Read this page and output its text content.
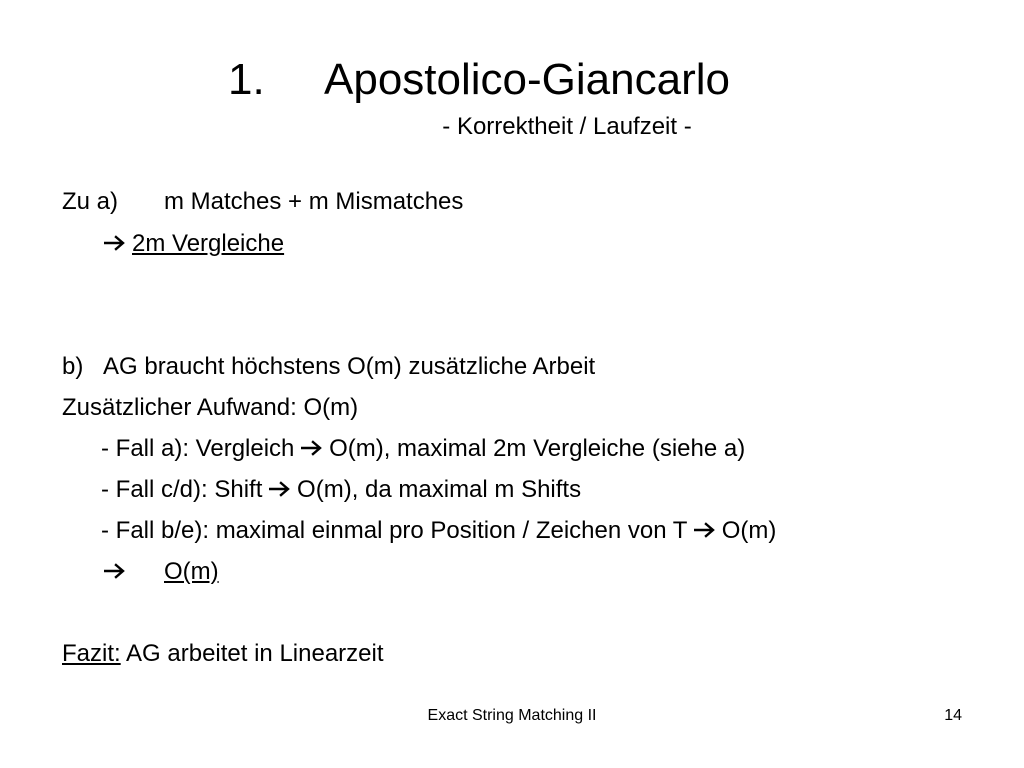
1. Apostolico-Giancarlo
- Korrektheit / Laufzeit -
Zu a) m Matches + m Mismatches
2m Vergleiche
b) AG braucht höchstens O(m) zusätzliche Arbeit
Zusätzlicher Aufwand: O(m)
- Fall a): Vergleich O(m), maximal 2m Vergleiche (siehe a)
- Fall c/d): Shift O(m), da maximal m Shifts
- Fall b/e): maximal einmal pro Position / Zeichen von T O(m)
O(m)
Fazit: AG arbeitet in Linearzeit
Exact String Matching II	14
